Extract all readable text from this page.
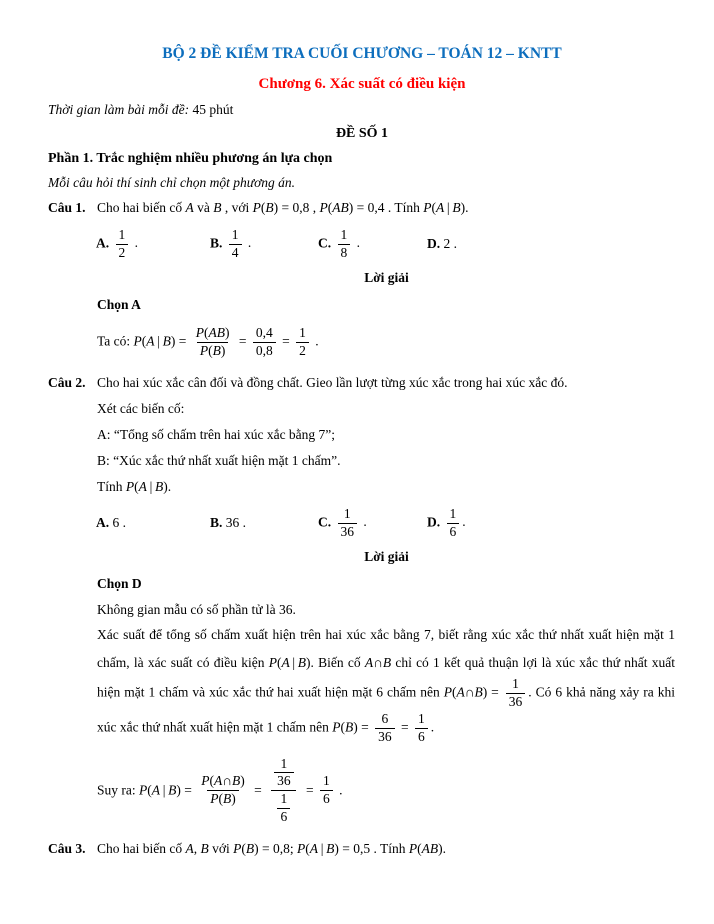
BỘ 2 ĐỀ KIỂM TRA CUỐI CHƯƠNG – TOÁN 12 – KNTT
Chương 6. Xác suất có điều kiện
Thời gian làm bài mỗi đề: 45 phút
ĐỀ SỐ 1
Phần 1. Trắc nghiệm nhiều phương án lựa chọn
Mỗi câu hỏi thí sinh chỉ chọn một phương án.
Câu 1. Cho hai biến cố A và B , với P(B) = 0,8 , P(AB) = 0,4 . Tính P(A | B).
A. $\frac{1}{2}$ .	B. $\frac{1}{4}$ .	C. $\frac{1}{8}$ .	D. 2 .
Lời giải
Chọn A
Ta có: P(A | $B) = \frac{P(AB)}{P(B)} = \frac{0,4}{0,8} = \frac{1}{2}$ .
Câu 2. Cho hai xúc xắc cân đối và đồng chất. Gieo lần lượt từng xúc xắc trong hai xúc xắc đó.
Xét các biến cố:
A: “Tổng số chấm trên hai xúc xắc bằng 7”;
B: “Xúc xắc thứ nhất xuất hiện mặt 1 chấm”.
Tính P(A | B).
A. 6 .	B. 36 .	C. $\frac{1}{36}$ .	D. $\frac{1}{6}$ .
Lời giải
Chọn D
Không gian mẫu có số phần tử là 36.
Xác suất để tổng số chấm xuất hiện trên hai xúc xắc bằng 7, biết rằng xúc xắc thứ nhất xuất hiện mặt 1 chấm, là xác suất có điều kiện P(A | B). Biến cố A∩B chỉ có 1 kết quả thuận lợi là xúc xắc thứ nhất xuất hiện mặt 1 chấm và xúc xắc thứ hai xuất hiện mặt 6 chấm nên P(A∩B) = $\frac{1}{36}$ . Có 6 khả năng xảy ra khi xúc xắc thứ nhất xuất hiện mặt 1 chấm nên $P(B) = \frac{6}{36} = \frac{1}{6}$ .
Suy ra: P(A | $B) = \frac{P(A\cap B)}{P(B)} = \frac{\frac{1}{36}}{\frac{1}{6}} = \frac{1}{6}$ .
Câu 3. Cho hai biến cố A, B với P(B) = 0,8; P(A | B) = 0,5 . Tính P(AB).
